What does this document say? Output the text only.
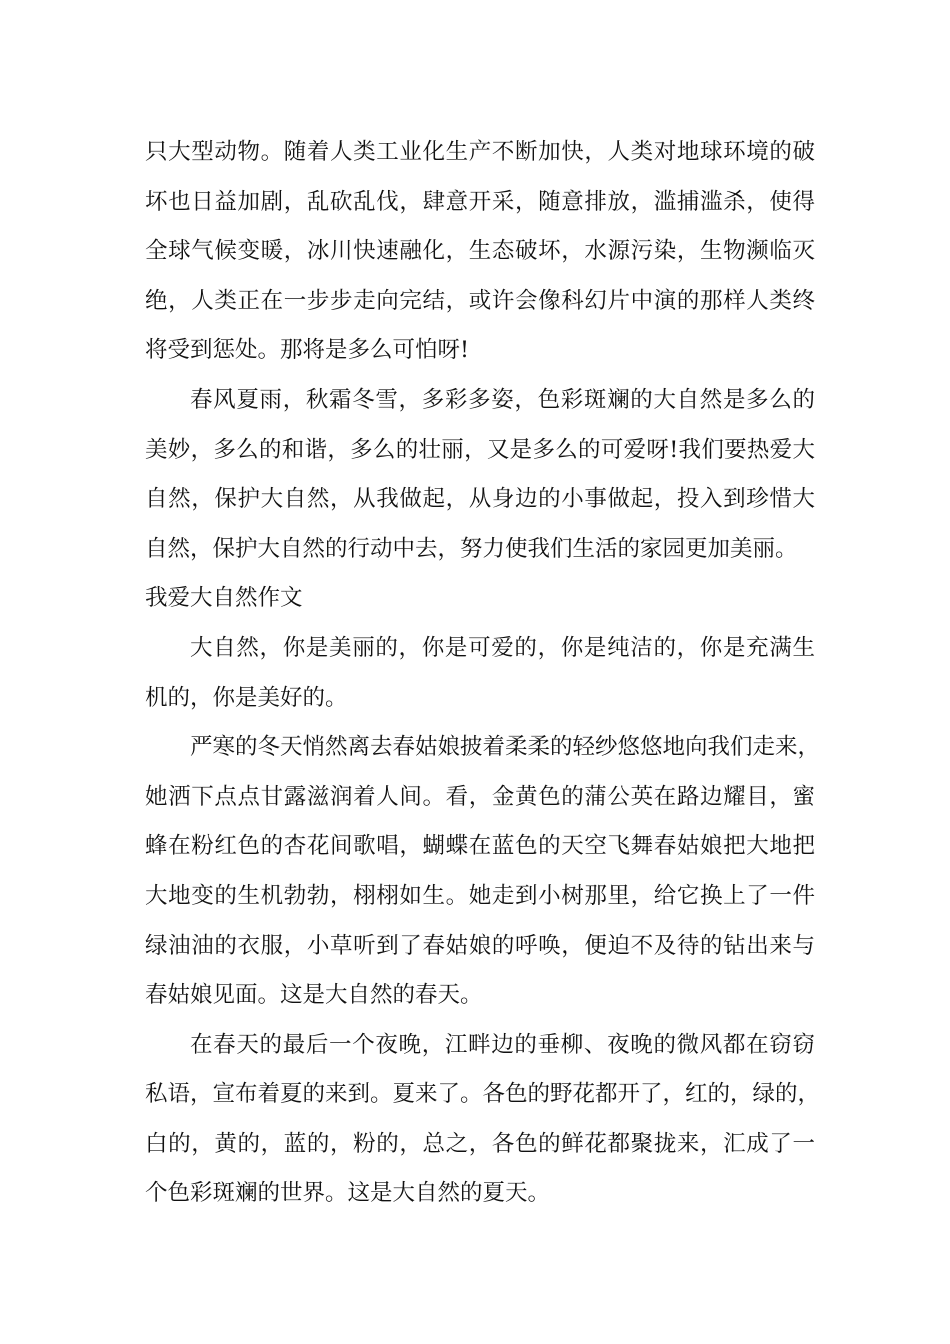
只大型动物。随着人类工业化生产不断加快，人类对地球环境的破
坏也日益加剧，乱砍乱伐，肆意开采，随意排放，滥捕滥杀，使得
全球气候变暖，冰川快速融化，生态破坏，水源污染，生物濒临灭
绝，人类正在一步步走向完结，或许会像科幻片中演的那样人类终
将受到惩处。那将是多么可怕呀!
春风夏雨，秋霜冬雪，多彩多姿，色彩斑斓的大自然是多么的
美妙，多么的和谐，多么的壮丽，又是多么的可爱呀!我们要热爱大
自然，保护大自然，从我做起，从身边的小事做起，投入到珍惜大
自然，保护大自然的行动中去，努力使我们生活的家园更加美丽。
我爱大自然作文
大自然，你是美丽的，你是可爱的，你是纯洁的，你是充满生
机的，你是美好的。
严寒的冬天悄然离去春姑娘披着柔柔的轻纱悠悠地向我们走来，
她洒下点点甘露滋润着人间。看，金黄色的蒲公英在路边耀目，蜜
蜂在粉红色的杏花间歌唱，蝴蝶在蓝色的天空飞舞春姑娘把大地把
大地变的生机勃勃，栩栩如生。她走到小树那里，给它换上了一件
绿油油的衣服，小草听到了春姑娘的呼唤，便迫不及待的钻出来与
春姑娘见面。这是大自然的春天。
在春天的最后一个夜晚，江畔边的垂柳、夜晚的微风都在窃窃
私语，宣布着夏的来到。夏来了。各色的野花都开了，红的，绿的，
白的，黄的，蓝的，粉的，总之，各色的鲜花都聚拢来，汇成了一
个色彩斑斓的世界。这是大自然的夏天。
